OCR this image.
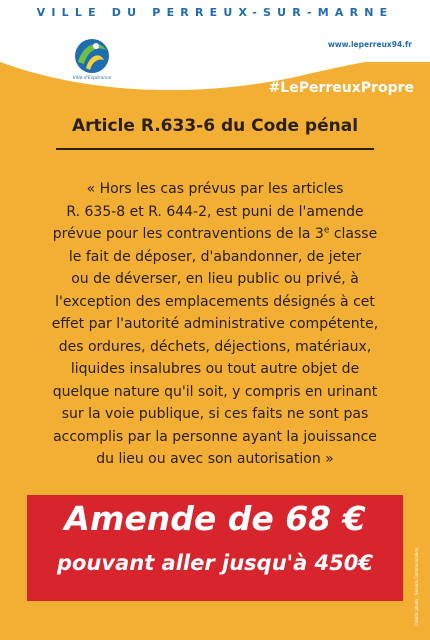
VILLE DU PERREUX-SUR-MARNE
www.leperreux94.fr
Ville d'Espérance
#LePerreuxPropre
Article R.633-6 du Code pénal
« Hors les cas prévus par les articles
R. 635-8 et R. 644-2, est puni de l'amende
prévue pour les contraventions de la 3e classe
le fait de déposer, d'abandonner, de jeter
ou de déverser, en lieu public ou privé, à
l'exception des emplacements désignés à cet
effet par l'autorité administrative compétente,
des ordures, déchets, déjections, matériaux,
liquides insalubres ou tout autre objet de
quelque nature qu'il soit, y compris en urinant
sur la voie publique, si ces faits ne sont pas
accomplis par la personne ayant la jouissance
du lieu ou avec son autorisation »
Amende de 68 €
pouvant aller jusqu'à 450€	Crédits photo : Service Communication
